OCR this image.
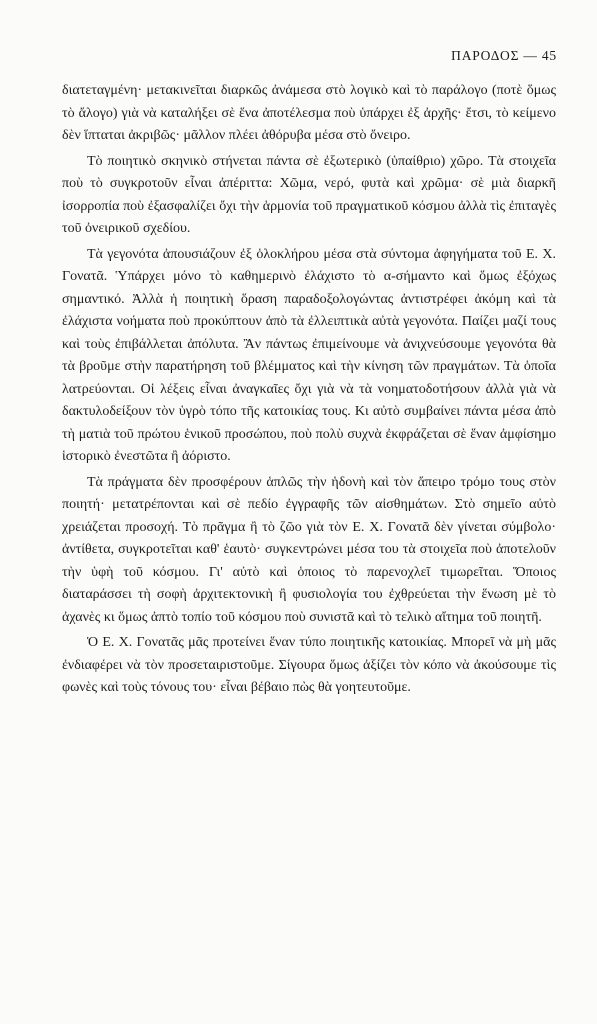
ΠΑΡΟΔΟΣ — 45

διατεταγμένη· μετακινεῖται διαρκῶς ἀνάμεσα στὸ λογικὸ καὶ τὸ παράλογο (ποτὲ ὅμως τὸ ἄλογο) γιὰ νὰ καταλήξει σὲ ἕνα ἀποτέλεσμα ποὺ ὑπάρχει ἐξ ἀρχῆς· ἔτσι, τὸ κείμενο δὲν ἵπταται ἀκριβῶς· μᾶλλον πλέει ἀθόρυβα μέσα στὸ ὄνειρο.

Τὸ ποιητικὸ σκηνικὸ στήνεται πάντα σὲ ἐξωτερικὸ (ὑπαίθριο) χῶρο. Τὰ στοιχεῖα ποὺ τὸ συγκροτοῦν εἶναι ἀπέριττα: Χῶμα, νερό, φυτὰ καὶ χρῶμα· σὲ μιὰ διαρκῆ ἰσορροπία ποὺ ἐξασφαλίζει ὄχι τὴν ἁρμονία τοῦ πραγματικοῦ κόσμου ἀλλὰ τὶς ἐπιταγὲς τοῦ ὀνειρικοῦ σχεδίου.

Τὰ γεγονότα ἀπουσιάζουν ἐξ ὁλοκλήρου μέσα στὰ σύντομα ἀφηγήματα τοῦ Ε. Χ. Γονατᾶ. Ὑπάρχει μόνο τὸ καθημερινὸ ἐλάχιστο τὸ α-σήμαντο καὶ ὅμως ἐξόχως σημαντικό. Ἀλλὰ ἡ ποιητικὴ ὅραση παραδοξολογώντας ἀντιστρέφει ἀκόμη καὶ τὰ ἐλάχιστα νοήματα ποὺ προκύπτουν ἀπὸ τὰ ἐλλειπτικὰ αὐτὰ γεγονότα. Παίζει μαζί τους καὶ τοὺς ἐπιβάλλεται ἀπόλυτα. Ἂν πάντως ἐπιμείνουμε νὰ ἀνιχνεύσουμε γεγονότα θὰ τὰ βροῦμε στὴν παρατήρηση τοῦ βλέμματος καὶ τὴν κίνηση τῶν πραγμάτων. Τὰ ὁποῖα λατρεύονται. Οἱ λέξεις εἶναι ἀναγκαῖες ὄχι γιὰ νὰ τὰ νοηματοδοτήσουν ἀλλὰ γιὰ νὰ δακτυλοδείξουν τὸν ὑγρὸ τόπο τῆς κατοικίας τους. Κι αὐτὸ συμβαίνει πάντα μέσα ἀπὸ τὴ ματιὰ τοῦ πρώτου ἑνικοῦ προσώπου, ποὺ πολὺ συχνὰ ἐκφράζεται σὲ ἕναν ἀμφίσημο ἱστορικὸ ἐνεστῶτα ἢ ἀόριστο.

Τὰ πράγματα δὲν προσφέρουν ἁπλῶς τὴν ἡδονὴ καὶ τὸν ἄπειρο τρόμο τους στὸν ποιητή· μετατρέπονται καὶ σὲ πεδίο ἐγγραφῆς τῶν αἰσθημάτων. Στὸ σημεῖο αὐτὸ χρειάζεται προσοχή. Τὸ πρᾶγμα ἢ τὸ ζῶο γιὰ τὸν Ε. Χ. Γονατᾶ δὲν γίνεται σύμβολο· ἀντίθετα, συγκροτεῖται καθ' ἑαυτὸ· συγκεντρώνει μέσα του τὰ στοιχεῖα ποὺ ἀποτελοῦν τὴν ὑφὴ τοῦ κόσμου. Γι' αὐτὸ καὶ ὁποιος τὸ παρενοχλεῖ τιμωρεῖται. Ὅποιος διαταράσσει τὴ σοφὴ ἀρχιτεκτονικὴ ἢ φυσιολογία του ἐχθρεύεται τὴν ἕνωση μὲ τὸ ἀχανὲς κι ὅμως ἀπτὸ τοπίο τοῦ κόσμου ποὺ συνιστᾶ καὶ τὸ τελικὸ αἴτημα τοῦ ποιητῆ.

Ὁ Ε. Χ. Γονατᾶς μᾶς προτείνει ἕναν τύπο ποιητικῆς κατοικίας. Μπορεῖ νὰ μὴ μᾶς ἐνδιαφέρει νὰ τὸν προσεταιριστοῦμε. Σίγουρα ὅμως ἀξίζει τὸν κόπο νὰ ἀκούσουμε τὶς φωνὲς καὶ τοὺς τόνους του· εἶναι βέβαιο πὼς θὰ γοητευτοῦμε.
